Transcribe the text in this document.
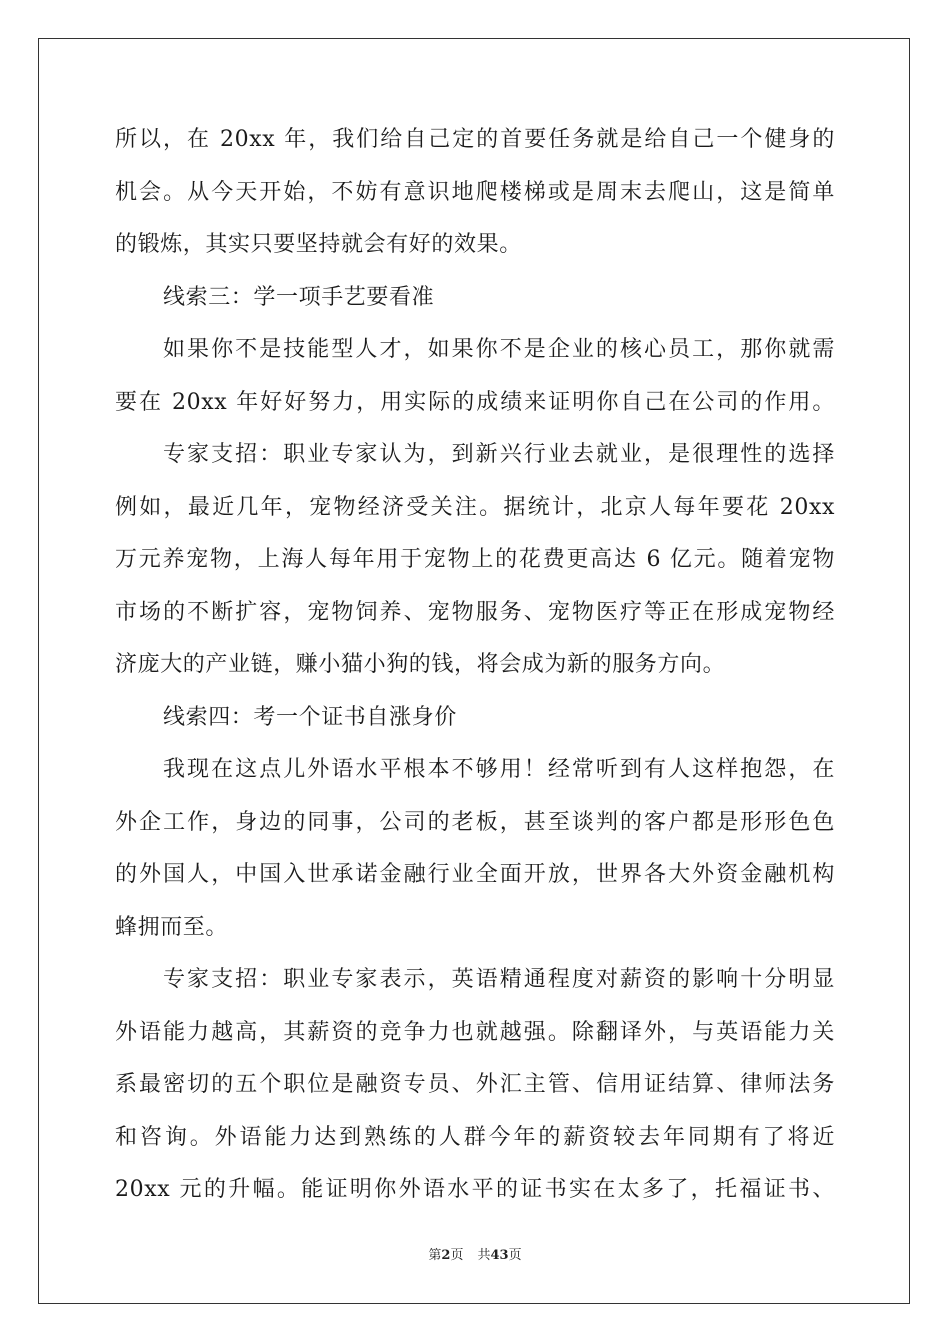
所以，在 20xx 年，我们给自己定的首要任务就是给自己一个健身的
机会。从今天开始，不妨有意识地爬楼梯或是周末去爬山，这是简单
的锻炼，其实只要坚持就会有好的效果。
线索三：学一项手艺要看准
如果你不是技能型人才，如果你不是企业的核心员工，那你就需
要在 20xx 年好好努力，用实际的成绩来证明你自己在公司的作用。
专家支招：职业专家认为，到新兴行业去就业，是很理性的选择
例如，最近几年，宠物经济受关注。据统计，北京人每年要花 20xx
万元养宠物，上海人每年用于宠物上的花费更高达 6 亿元。随着宠物
市场的不断扩容，宠物饲养、宠物服务、宠物医疗等正在形成宠物经
济庞大的产业链，赚小猫小狗的钱，将会成为新的服务方向。
线索四：考一个证书自涨身价
我现在这点儿外语水平根本不够用！经常听到有人这样抱怨，在
外企工作，身边的同事，公司的老板，甚至谈判的客户都是形形色色
的外国人，中国入世承诺金融行业全面开放，世界各大外资金融机构
蜂拥而至。
专家支招：职业专家表示，英语精通程度对薪资的影响十分明显
外语能力越高，其薪资的竞争力也就越强。除翻译外，与英语能力关
系最密切的五个职位是融资专员、外汇主管、信用证结算、律师法务
和咨询。外语能力达到熟练的人群今年的薪资较去年同期有了将近
20xx 元的升幅。能证明你外语水平的证书实在太多了，托福证书、
第2页 共43页
